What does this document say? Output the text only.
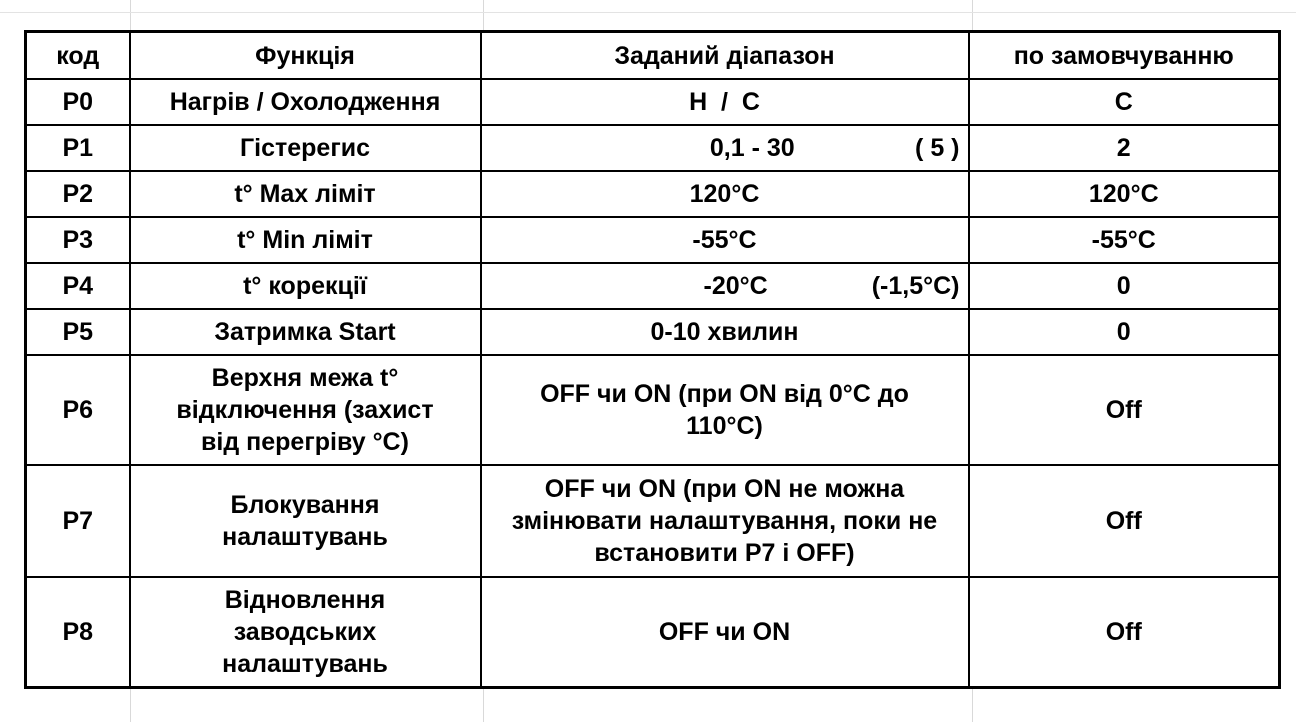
код	Функція	Заданий діапазон	по замовчуванню
P0	Нагрів / Охолодження	H  /  C	C
P1	Гістерегис	0,1 - 30 ( 5 )	2
P2	t° Max ліміт	120°C	120°C
P3	t° Min ліміт	-55°C	-55°C
P4	t° корекції	-20°C (-1,5°C)	0
P5	Затримка Start	0-10 хвилин	0
P6	Верхня межа t° відключення (захист від перегріву °C)	OFF чи ON (при ON від 0°C до 110°C)	Off
P7	Блокування налаштувань	OFF чи ON (при ON не можна змінювати налаштування, поки не встановити P7 і OFF)	Off
P8	Відновлення заводських налаштувань	OFF чи ON	Off
